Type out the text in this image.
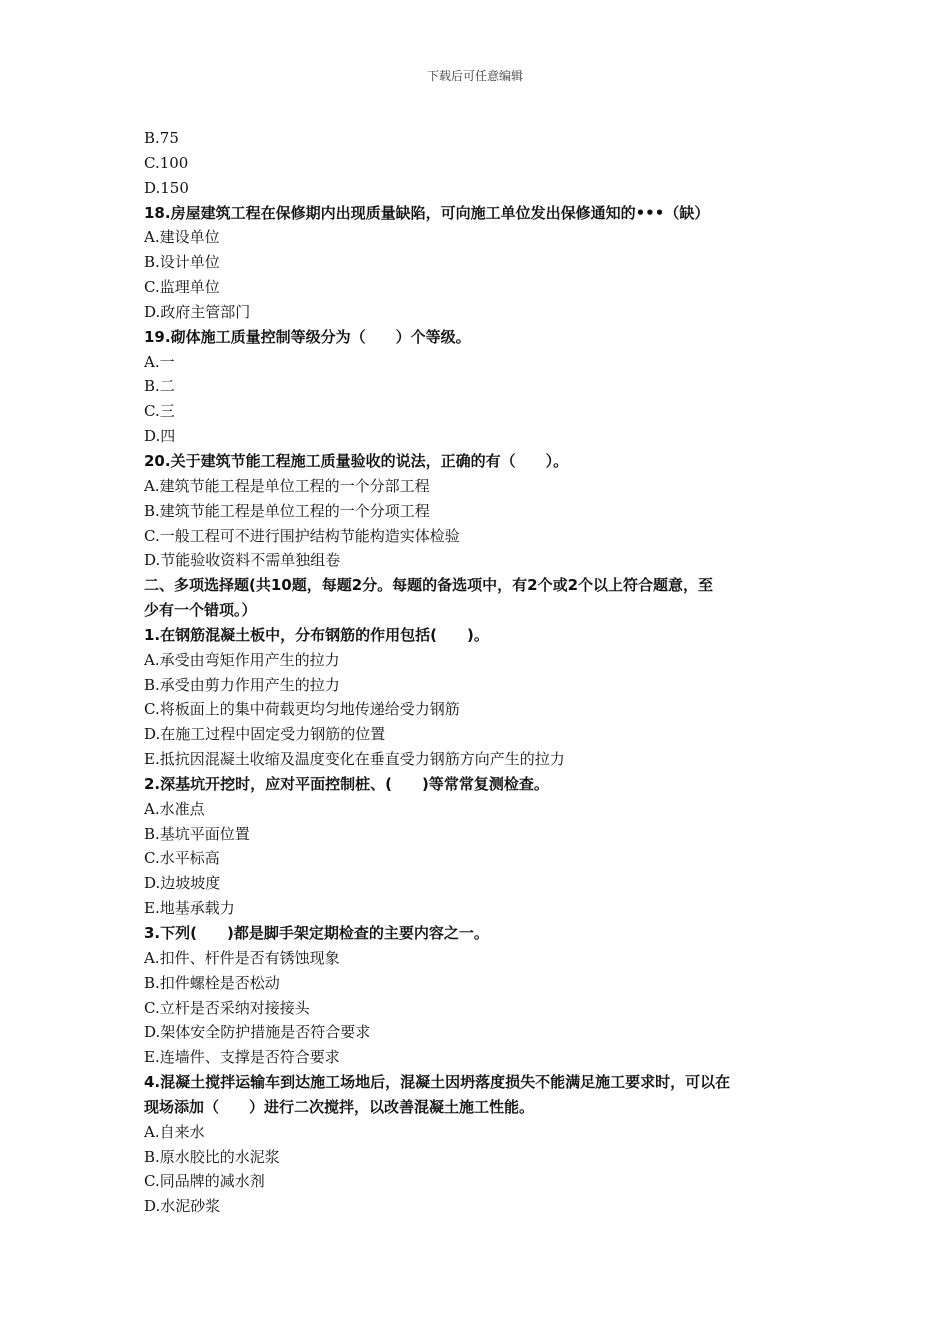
下载后可任意编辑
B.75
C.100
D.150
18.房屋建筑工程在保修期内出现质量缺陷，可向施工单位发出保修通知的•••（缺）
A.建设单位
B.设计单位
C.监理单位
D.政府主管部门
19.砌体施工质量控制等级分为（　　）个等级。
A.一
B.二
C.三
D.四
20.关于建筑节能工程施工质量验收的说法，正确的有（　　）。
A.建筑节能工程是单位工程的一个分部工程
B.建筑节能工程是单位工程的一个分项工程
C.一般工程可不进行围护结构节能构造实体检验
D.节能验收资料不需单独组卷
二、多项选择题(共10题，每题2分。每题的备选项中，有2个或2个以上符合题意，至
少有一个错项。）
1.在钢筋混凝土板中，分布钢筋的作用包括(　　)。
A.承受由弯矩作用产生的拉力
B.承受由剪力作用产生的拉力
C.将板面上的集中荷载更均匀地传递给受力钢筋
D.在施工过程中固定受力钢筋的位置
E.抵抗因混凝土收缩及温度变化在垂直受力钢筋方向产生的拉力
2.深基坑开挖时，应对平面控制桩、(　　)等常常复测检查。
A.水准点
B.基坑平面位置
C.水平标高
D.边坡坡度
E.地基承载力
3.下列(　　)都是脚手架定期检查的主要内容之一。
A.扣件、杆件是否有锈蚀现象
B.扣件螺栓是否松动
C.立杆是否采纳对接接头
D.架体安全防护措施是否符合要求
E.连墙件、支撑是否符合要求
4.混凝土搅拌运输车到达施工场地后，混凝土因坍落度损失不能满足施工要求时，可以在
现场添加（　　）进行二次搅拌，以改善混凝土施工性能。
A.自来水
B.原水胶比的水泥浆
C.同品牌的减水剂
D.水泥砂浆
